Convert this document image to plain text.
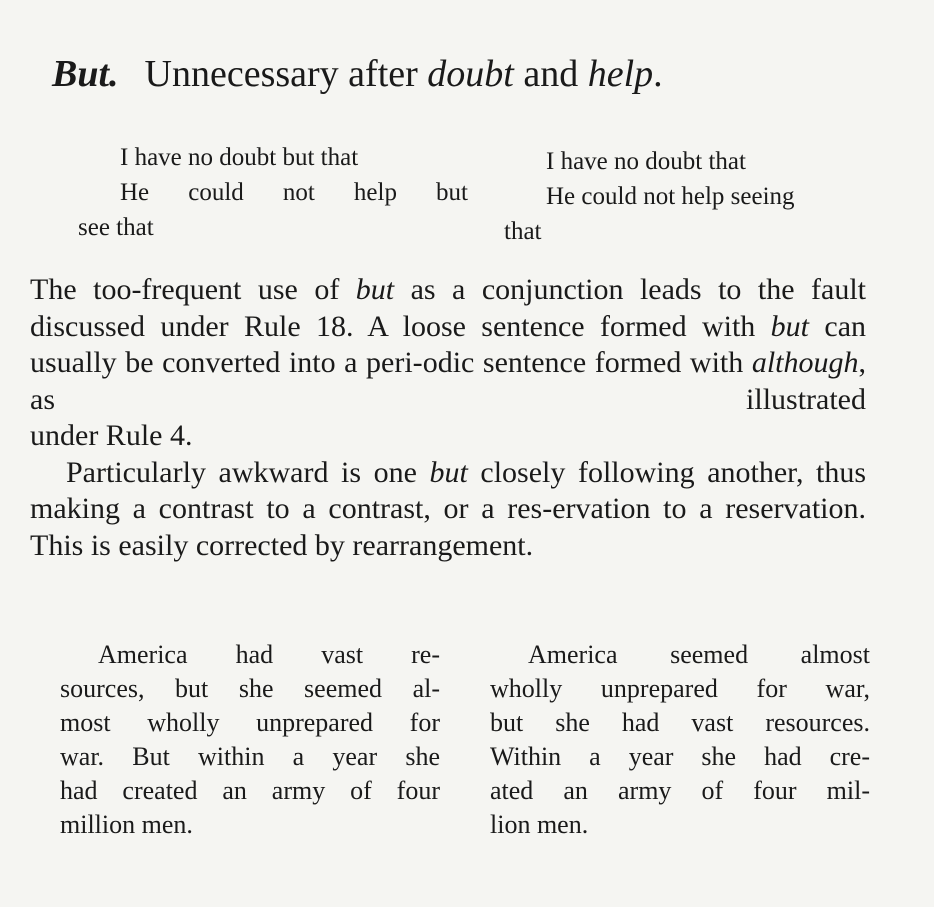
But. Unnecessary after doubt and help.
I have no doubt but that
He could not help but
see that
I have no doubt that
He could not help seeing
that

The too-frequent use of but as a conjunction leads to the fault discussed under Rule 18. A loose sentence formed with but can usually be converted into a peri-odic sentence formed with although, as illustrated

under Rule 4.

Particularly awkward is one but closely following another, thus making a contrast to a contrast, or a res-ervation to a reservation. This is easily corrected by rearrangement.

America had vast re-
sources, but she seemed al-
most wholly unprepared for
war. But within a year she
had created an army of four
million men.
America seemed almost
wholly unprepared for war,
but she had vast resources.
Within a year she had cre-
ated an army of four mil-
lion men.
